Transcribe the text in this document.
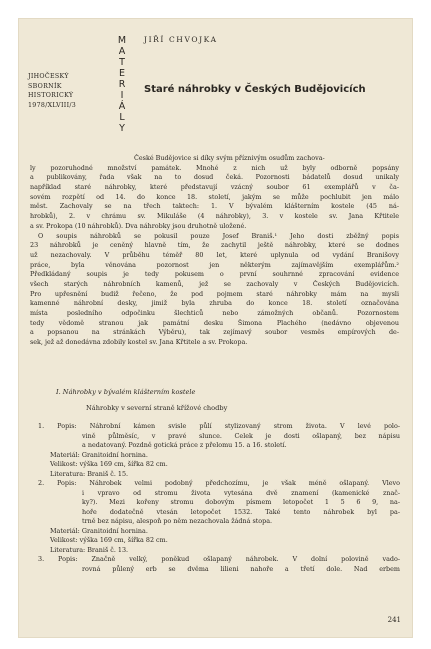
JIHOČESKÝ
SBORNÍK
HISTORICKÝ
1978/XLVIII/3
M
A
T
E
R
I
Á
L
Y
JIŘÍ CHVOJKA
Staré náhrobky v Českých Budějovicích
České Budějovice si díky svým příznivým osudům zachova-
ly pozoruhodné množství památek. Mnohé z nich už byly odborně popsány
a publikovány, řada však na to dosud čeká. Pozornosti bádatelů dosud unikaly
například staré náhrobky, které představují vzácný soubor 61 exemplářů v ča-
sovém rozpětí od 14. do konce 18. století, jakým se může pochlubit jen málo
měst. Zachovaly se na třech taktech: 1. V bývalém klášterním kostele (45 ná-
hrobků), 2. v chrámu sv. Mikuláše (4 náhrobky), 3. v kostele sv. Jana Křtitele
a sv. Prokopa (10 náhrobků). Dva náhrobky jsou druhotně uložené.
O soupis náhrobků se pokusil pouze Josef Braniš.¹ Jeho dosti zběžný popis
23 náhrobků je ceněný hlavně tím, že zachytil ještě náhrobky, které se dodnes
už nezachovaly. V průběhu téměř 80 let, které uplynula od vydání Branišovy
práce, byla věnována pozornost jen některým zajímavějším exemplářům.²
Předkládaný soupis je tedy pokusem o první souhrnné zpracování evidence
všech starých náhrobních kamenů, jež se zachovaly v Českých Budějovicích.
Pro upřesnění budiž řečeno, že pod pojmem staré náhrobky mám na mysli
kamenné náhrobní desky, jimiž byla zhruba do konce 18. století označována
místa posledního odpočinku šlechticů nebo zámožných občanů. Pozornostem
tedy vědomě stranou jak památní desku Šimona Plachého (nedávno objevenou
a popsanou na stránkách Výběru), tak zejímavý soubor vesměs empírových de-
sek, jež až donedávna zdobily kostel sv. Jana Křtitele a sv. Prokopa.
I. Náhrobky v bývalém klášterním kostele
Náhrobky v severní straně křížové chodby
1. Popis: Náhrobní kámen svisle půlí stylizovaný strom života. V levé polo-
vině půlměsíc, v pravé slunce. Celek je dosti ošlapaný, bez nápisu
a nedatovaný. Pozdně gotická práce z přelomu 15. a 16. století.
Materiál: Granitoidní hornina.
Velikost: výška 169 cm, šířka 82 cm.
Literatura: Braniš č. 15.
2. Popis: Náhrobek velmi podobný předchozímu, je však méně ošlapaný. Vlevo
i vpravo od stromu života vytesána dvě znamení (kamenické znač-
ky?). Mezi kořeny stromu dobovým písmem letopočet 1 5 6 9, na-
hoře dodatečně vtesán letopočet 1532. Také tento náhrobek byl pa-
trně bez nápisu, alespoň po něm nezachovala žádná stopa.
Materiál: Granitoidní hornina.
Velikost: výška 169 cm, šířka 82 cm.
Literatura: Braniš č. 13.
3. Popis: Značně velký, poněkud ošlapaný náhrobek. V dolní polovině vado-
rovná půlený erb se dvěma lilieni nahoře a třetí dole. Nad erbem
241
